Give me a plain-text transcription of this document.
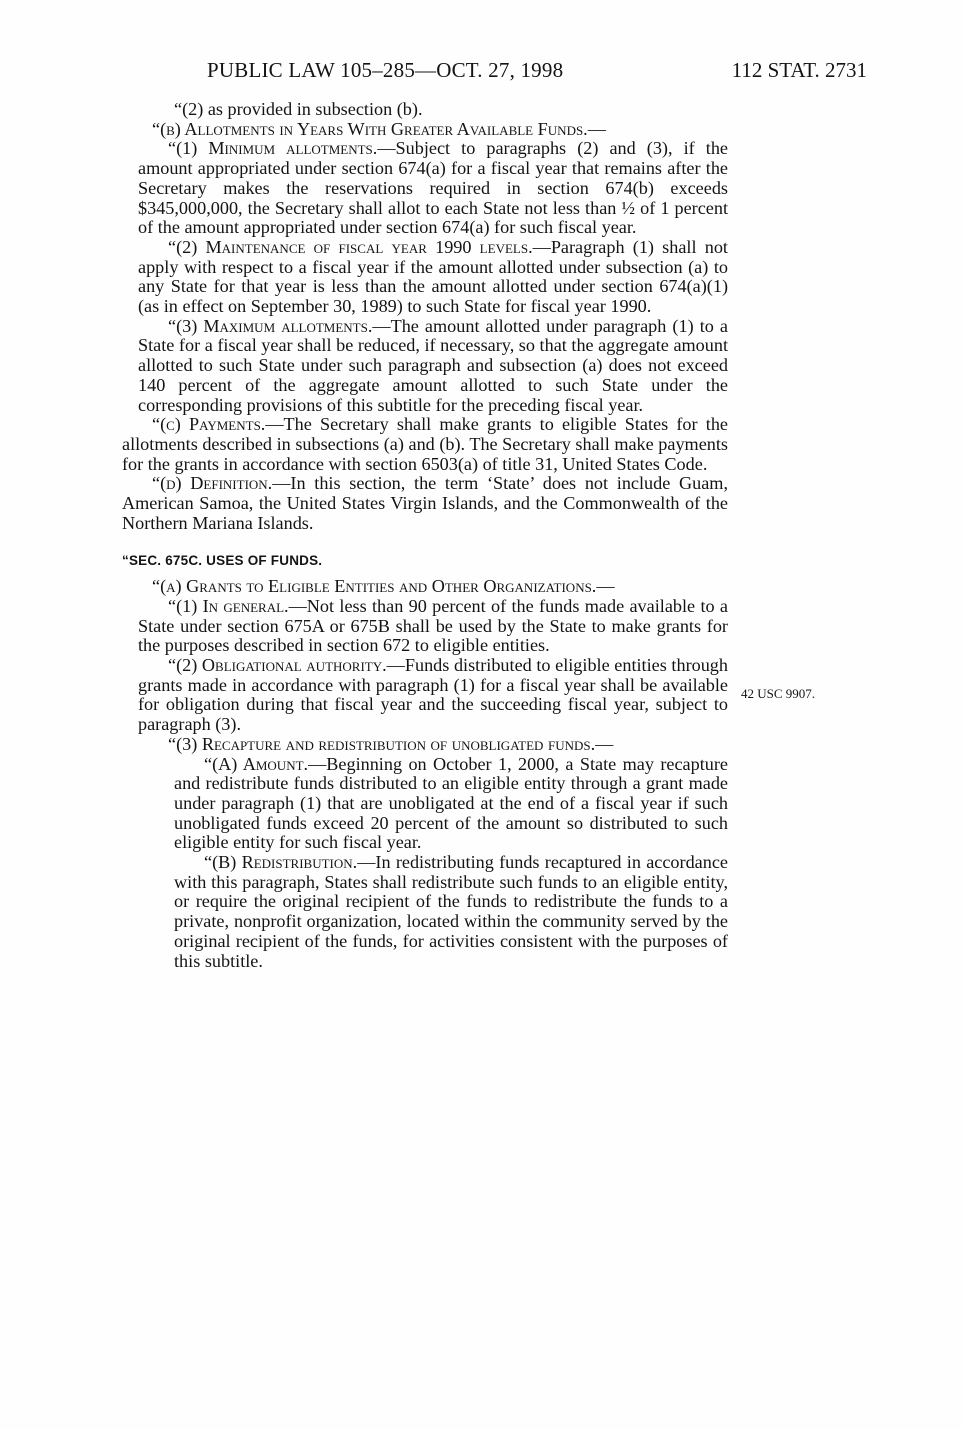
PUBLIC LAW 105–285—OCT. 27, 1998	112 STAT. 2731

“(2) as provided in subsection (b).

“(b) Allotments in Years With Greater Available Funds.—

“(1) Minimum allotments.—Subject to paragraphs (2) and (3), if the amount appropriated under section 674(a) for a fiscal year that remains after the Secretary makes the reservations required in section 674(b) exceeds $345,000,000, the Secretary shall allot to each State not less than ½ of 1 percent of the amount appropriated under section 674(a) for such fiscal year.

“(2) Maintenance of fiscal year 1990 levels.—Paragraph (1) shall not apply with respect to a fiscal year if the amount allotted under subsection (a) to any State for that year is less than the amount allotted under section 674(a)(1) (as in effect on September 30, 1989) to such State for fiscal year 1990.

“(3) Maximum allotments.—The amount allotted under paragraph (1) to a State for a fiscal year shall be reduced, if necessary, so that the aggregate amount allotted to such State under such paragraph and subsection (a) does not exceed 140 percent of the aggregate amount allotted to such State under the corresponding provisions of this subtitle for the preceding fiscal year.

“(c) Payments.—The Secretary shall make grants to eligible States for the allotments described in subsections (a) and (b). The Secretary shall make payments for the grants in accordance with section 6503(a) of title 31, United States Code.

“(d) Definition.—In this section, the term ‘State’ does not include Guam, American Samoa, the United States Virgin Islands, and the Commonwealth of the Northern Mariana Islands.

“SEC. 675C. USES OF FUNDS.

“(a) Grants to Eligible Entities and Other Organizations.—

“(1) In general.—Not less than 90 percent of the funds made available to a State under section 675A or 675B shall be used by the State to make grants for the purposes described in section 672 to eligible entities.

“(2) Obligational authority.—Funds distributed to eligible entities through grants made in accordance with paragraph (1) for a fiscal year shall be available for obligation during that fiscal year and the succeeding fiscal year, subject to paragraph (3).

“(3) Recapture and redistribution of unobligated funds.—

“(A) Amount.—Beginning on October 1, 2000, a State may recapture and redistribute funds distributed to an eligible entity through a grant made under paragraph (1) that are unobligated at the end of a fiscal year if such unobligated funds exceed 20 percent of the amount so distributed to such eligible entity for such fiscal year.

“(B) Redistribution.—In redistributing funds recaptured in accordance with this paragraph, States shall redistribute such funds to an eligible entity, or require the original recipient of the funds to redistribute the funds to a private, nonprofit organization, located within the community served by the original recipient of the funds, for activities consistent with the purposes of this subtitle.

42 USC 9907.
